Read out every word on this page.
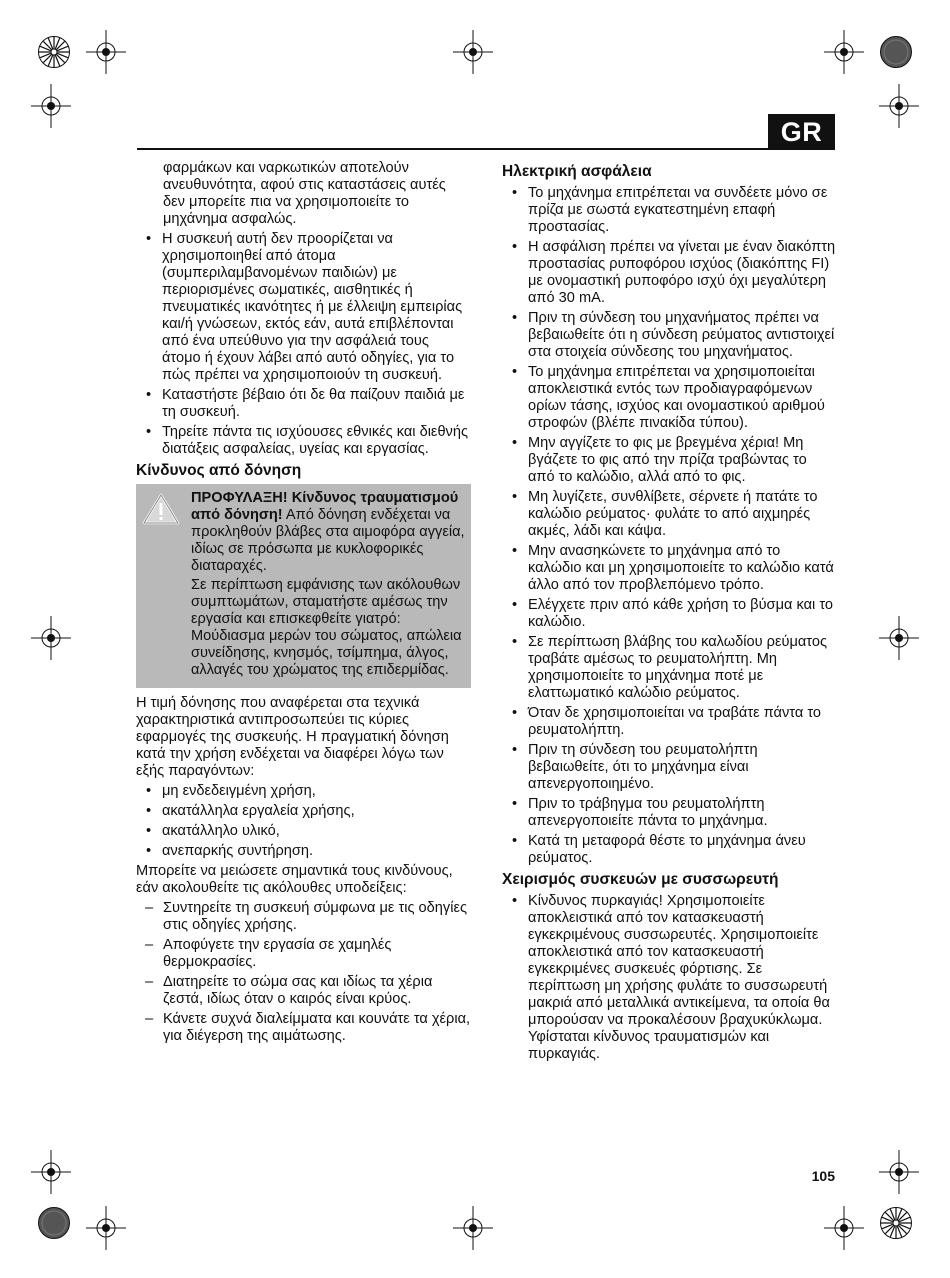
GR

φαρμάκων και ναρκωτικών αποτελούν ανευθυνότητα, αφού στις καταστάσεις αυτές δεν μπορείτε πια να χρησιμοποιείτε το μηχάνημα ασφαλώς.

• Η συσκευή αυτή δεν προορίζεται να χρησιμοποιηθεί από άτομα (συμπεριλαμβανομένων παιδιών) με περιορισμένες σωματικές, αισθητικές ή πνευματικές ικανότητες ή με έλλειψη εμπειρίας και/ή γνώσεων, εκτός εάν, αυτά επιβλέπονται από ένα υπεύθυνο για την ασφάλειά τους άτομο ή έχουν λάβει από αυτό οδηγίες, για το πώς πρέπει να χρησιμοποιούν τη συσκευή.
• Καταστήστε βέβαιο ότι δε θα παίζουν παιδιά με τη συσκευή.
• Τηρείτε πάντα τις ισχύουσες εθνικές και διεθνής διατάξεις ασφαλείας, υγείας και εργασίας.
Κίνδυνος από δόνηση

ΠΡΟΦΥΛΑΞΗ! Κίνδυνος τραυματισμού από δόνηση! Από δόνηση ενδέχεται να προκληθούν βλάβες στα αιμοφόρα αγγεία, ιδίως σε πρόσωπα με κυκλοφορικές διαταραχές.

Σε περίπτωση εμφάνισης των ακόλουθων συμπτωμάτων, σταματήστε αμέσως την εργασία και επισκεφθείτε γιατρό: Μούδιασμα μερών του σώματος, απώλεια συνείδησης, κνησμός, τσίμπημα, άλγος, αλλαγές του χρώματος της επιδερμίδας.

Η τιμή δόνησης που αναφέρεται στα τεχνικά χαρακτηριστικά αντιπροσωπεύει τις κύριες εφαρμογές της συσκευής. Η πραγματική δόνηση κατά την χρήση ενδέχεται να διαφέρει λόγω των εξής παραγόντων:

• μη ενδεδειγμένη χρήση,
• ακατάλληλα εργαλεία χρήσης,
• ακατάλληλο υλικό,
• ανεπαρκής συντήρηση.

Μπορείτε να μειώσετε σημαντικά τους κινδύνους, εάν ακολουθείτε τις ακόλουθες υποδείξεις:

– Συντηρείτε τη συσκευή σύμφωνα με τις οδηγίες στις οδηγίες χρήσης.
– Αποφύγετε την εργασία σε χαμηλές θερμοκρασίες.
– Διατηρείτε το σώμα σας και ιδίως τα χέρια ζεστά, ιδίως όταν ο καιρός είναι κρύος.
– Κάνετε συχνά διαλείμματα και κουνάτε τα χέρια, για διέγερση της αιμάτωσης.
Ηλεκτρική ασφάλεια
• Το μηχάνημα επιτρέπεται να συνδέετε μόνο σε πρίζα με σωστά εγκατεστημένη επαφή προστασίας.
• Η ασφάλιση πρέπει να γίνεται με έναν διακόπτη προστασίας ρυποφόρου ισχύος (διακόπτης FI) με ονομαστική ρυποφόρο ισχύ όχι μεγαλύτερη από 30 mA.
• Πριν τη σύνδεση του μηχανήματος πρέπει να βεβαιωθείτε ότι η σύνδεση ρεύματος αντιστοιχεί στα στοιχεία σύνδεσης του μηχανήματος.
• Το μηχάνημα επιτρέπεται να χρησιμοποιείται αποκλειστικά εντός των προδιαγραφόμενων ορίων τάσης, ισχύος και ονομαστικού αριθμού στροφών (βλέπε πινακίδα τύπου).
• Μην αγγίζετε το φις με βρεγμένα χέρια! Μη βγάζετε το φις από την πρίζα τραβώντας το από το καλώδιο, αλλά από το φις.
• Μη λυγίζετε, συνθλίβετε, σέρνετε ή πατάτε το καλώδιο ρεύματος· φυλάτε το από αιχμηρές ακμές, λάδι και κάψα.
• Μην ανασηκώνετε το μηχάνημα από το καλώδιο και μη χρησιμοποιείτε το καλώδιο κατά άλλο από τον προβλεπόμενο τρόπο.
• Ελέγχετε πριν από κάθε χρήση το βύσμα και το καλώδιο.
• Σε περίπτωση βλάβης του καλωδίου ρεύματος τραβάτε αμέσως το ρευματολήπτη. Μη χρησιμοποιείτε το μηχάνημα ποτέ με ελαττωματικό καλώδιο ρεύματος.
• Όταν δε χρησιμοποιείται να τραβάτε πάντα το ρευματολήπτη.
• Πριν τη σύνδεση του ρευματολήπτη βεβαιωθείτε, ότι το μηχάνημα είναι απενεργοποιημένο.
• Πριν το τράβηγμα του ρευματολήπτη απενεργοποιείτε πάντα το μηχάνημα.
• Κατά τη μεταφορά θέστε το μηχάνημα άνευ ρεύματος.
Χειρισμός συσκευών με συσσωρευτή
• Κίνδυνος πυρκαγιάς! Χρησιμοποιείτε αποκλειστικά από τον κατασκευαστή εγκεκριμένους συσσωρευτές. Χρησιμοποιείτε αποκλειστικά από τον κατασκευαστή εγκεκριμένες συσκευές φόρτισης. Σε περίπτωση μη χρήσης φυλάτε το συσσωρευτή μακριά από μεταλλικά αντικείμενα, τα οποία θα μπορούσαν να προκαλέσουν βραχυκύκλωμα. Υφίσταται κίνδυνος τραυματισμών και πυρκαγιάς.
105
